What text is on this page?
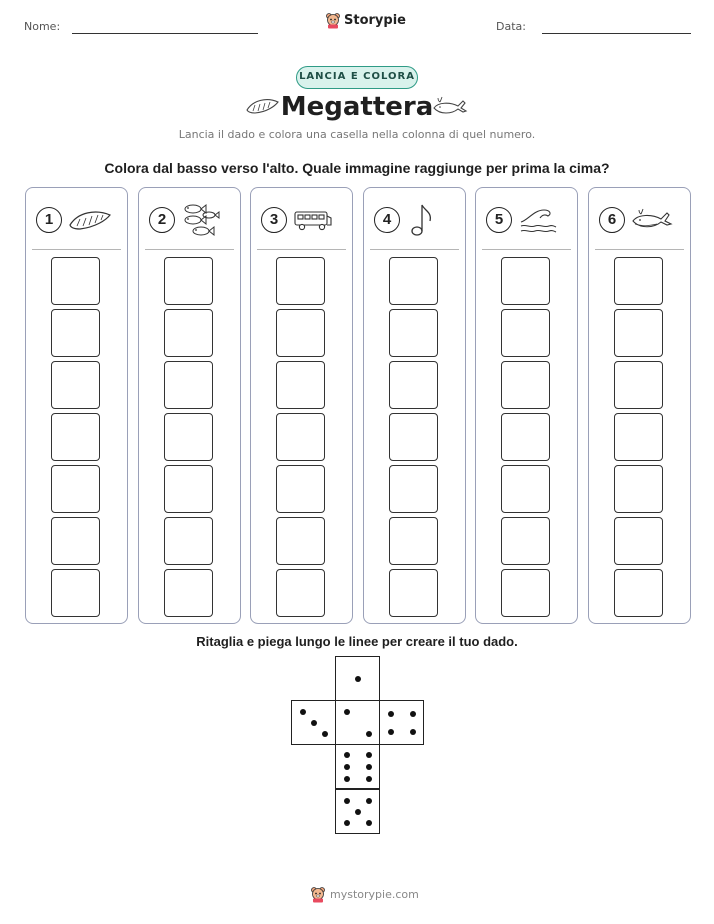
Nome:	Storypie	Data:
LANCIA E COLORA
Megattera
Lancia il dado e colora una casella nella colonna di quel numero.
Colora dal basso verso l'alto. Quale immagine raggiunge per prima la cima?
1	2	3	4	5	6
Ritaglia e piega lungo le linee per creare il tuo dado.
mystorypie.com
